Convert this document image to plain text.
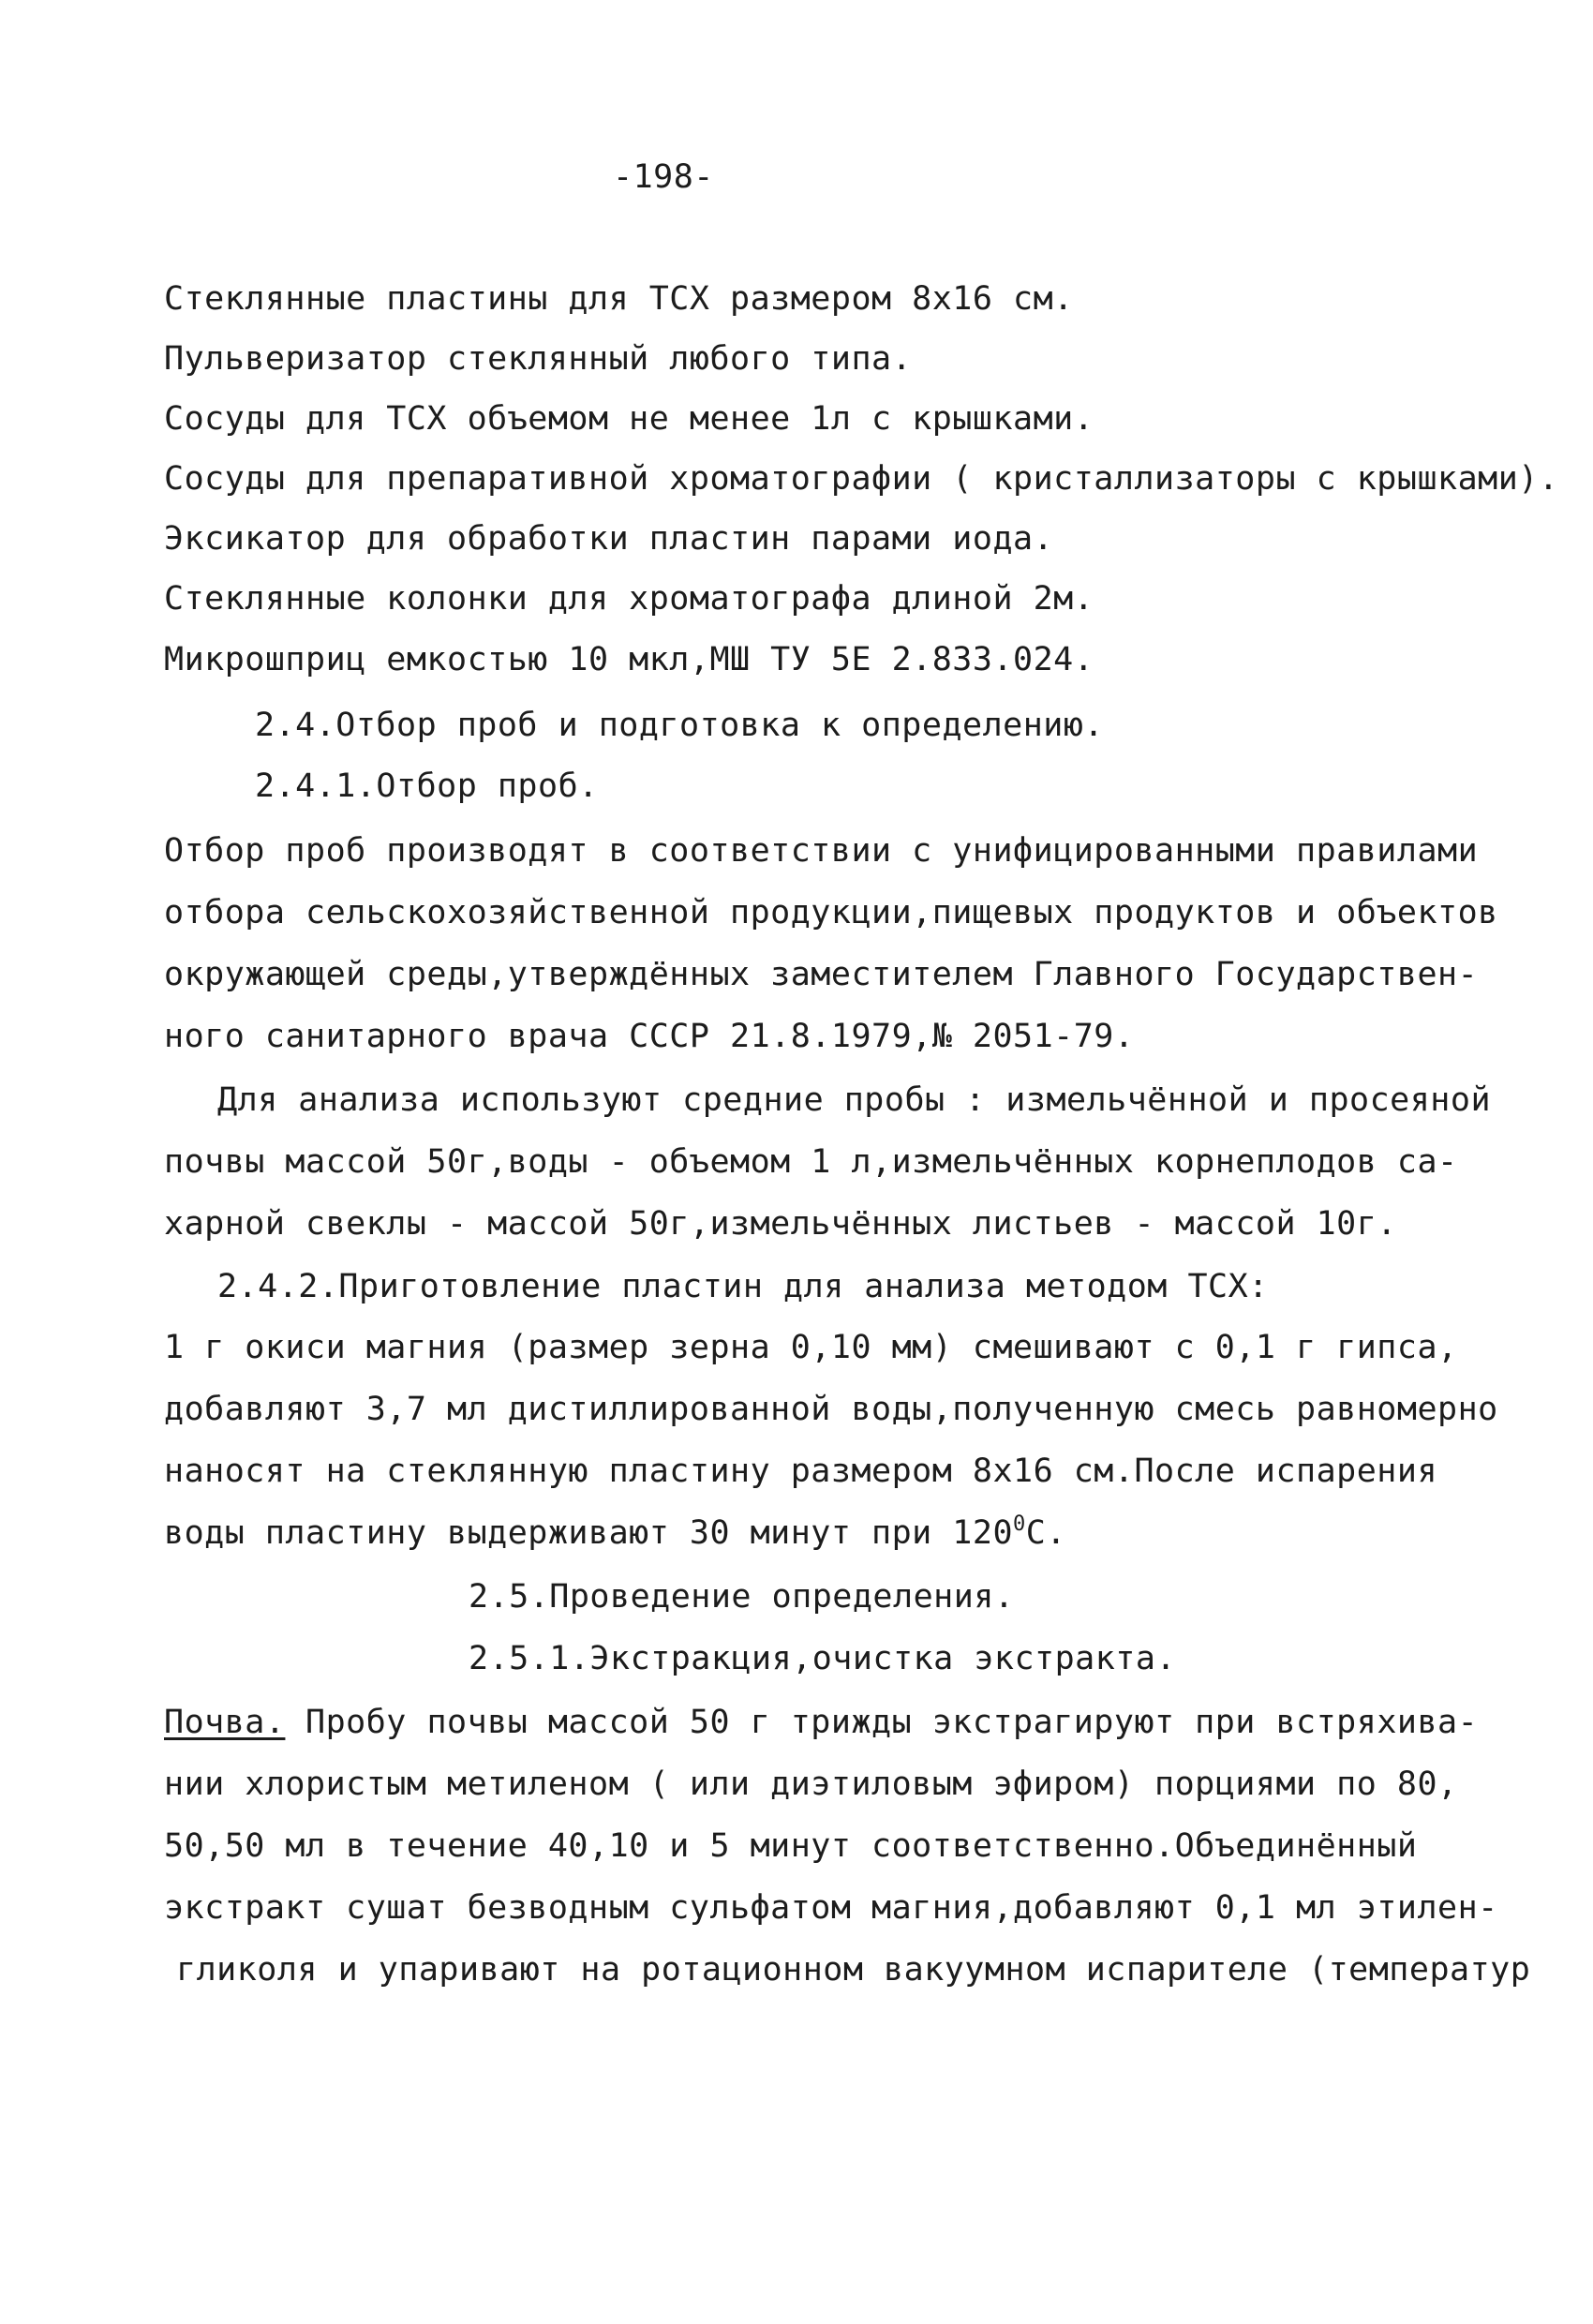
-198-
Стеклянные пластины для ТСХ размером 8х16 см.
Пульверизатор стеклянный любого типа.
Сосуды для ТСХ объемом не менее 1л с крышками.
Сосуды для препаративной хроматографии ( кристаллизаторы с крышками).
Эксикатор для обработки пластин парами иода.
Стеклянные колонки для хроматографа длиной 2м.
Микрошприц емкостью 10 мкл,МШ ТУ 5Е 2.833.024.
2.4.Отбор проб и подготовка к определению.
2.4.1.Отбор проб.
Отбор проб производят в соответствии с унифицированными правилами
отбора сельскохозяйственной продукции,пищевых продуктов и объектов
окружающей среды,утверждённых заместителем Главного Государствен-
ного санитарного врача СССР 21.8.1979,№ 2051-79.
Для анализа используют средние пробы : измельчённой и просеяной
почвы массой 50г,воды - объемом 1 л,измельчённых корнеплодов са-
харной свеклы - массой 50г,измельчённых листьев - массой 10г.
2.4.2.Приготовление пластин для анализа методом ТСХ:
1 г окиси магния (размер зерна 0,10 мм) смешивают с 0,1 г гипса,
добавляют 3,7 мл дистиллированной воды,полученную смесь равномерно
наносят на стеклянную пластину размером 8х16 см.После испарения
воды пластину выдерживают 30 минут при $120^0С$.
2.5.Проведение определения.
2.5.1.Экстракция,очистка экстракта.
Почва. Пробу почвы массой 50 г трижды экстрагируют при встряхива-
нии хлористым метиленом ( или диэтиловым эфиром) порциями по 80,
50,50 мл в течение 40,10 и 5 минут соответственно.Объединённый
экстракт сушат безводным сульфатом магния,добавляют 0,1 мл этилен-
гликоля и упаривают на ротационном вакуумном испарителе (температур
